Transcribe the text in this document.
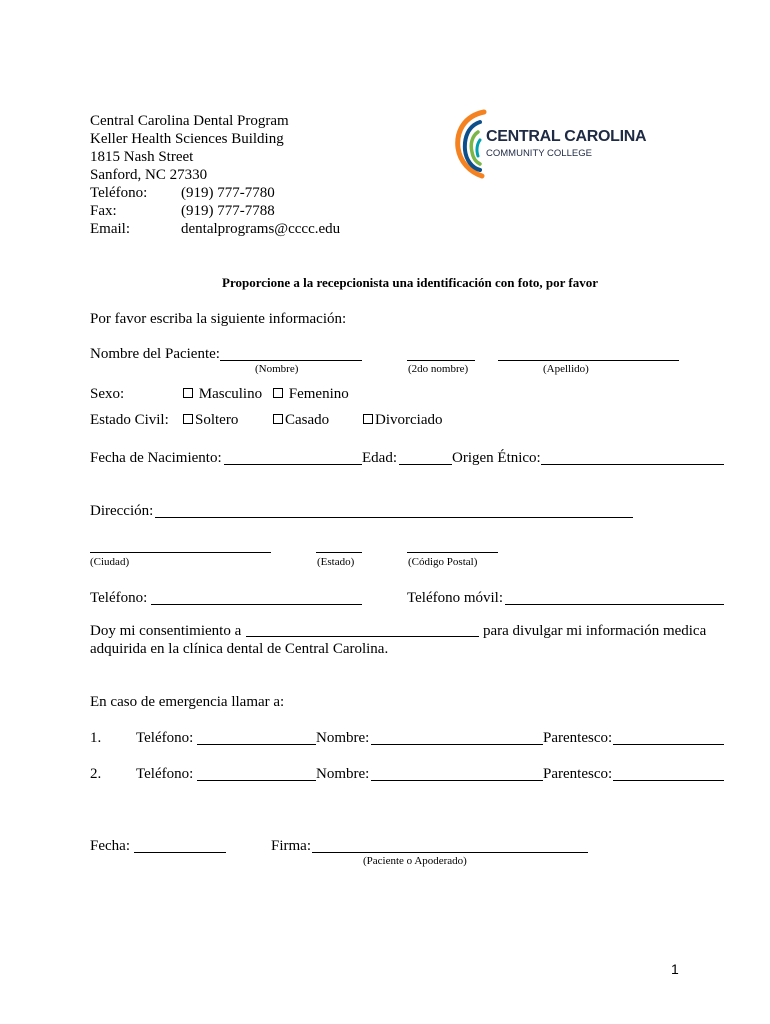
Central Carolina Dental Program
Keller Health Sciences Building
1815 Nash Street
Sanford, NC 27330
Teléfono: (919) 777-7780
Fax:	(919) 777-7788
Email:	dentalprograms@cccc.edu
CENTRAL CAROLINA
COMMUNITY COLLEGE
Proporcione a la recepcionista una identificación con foto, por favor
Por favor escriba la siguiente información:
Nombre del Paciente:
(Nombre)	(2do nombre)	(Apellido)
Sexo:	Masculino	Femenino
Estado Civil:	Soltero	Casado	Divorciado
Fecha de Nacimiento:	Edad:	Origen Étnico:
Dirección:
(Ciudad)	(Estado)	(Código Postal)
Teléfono:	Teléfono móvil:
Doy mi consentimiento a	para divulgar mi información medica
adquirida en la clínica dental de Central Carolina.
En caso de emergencia llamar a:
1. Teléfono:	Nombre:	Parentesco:
2. Teléfono:	Nombre:	Parentesco:
Fecha:	Firma:
(Paciente o Apoderado)
1
